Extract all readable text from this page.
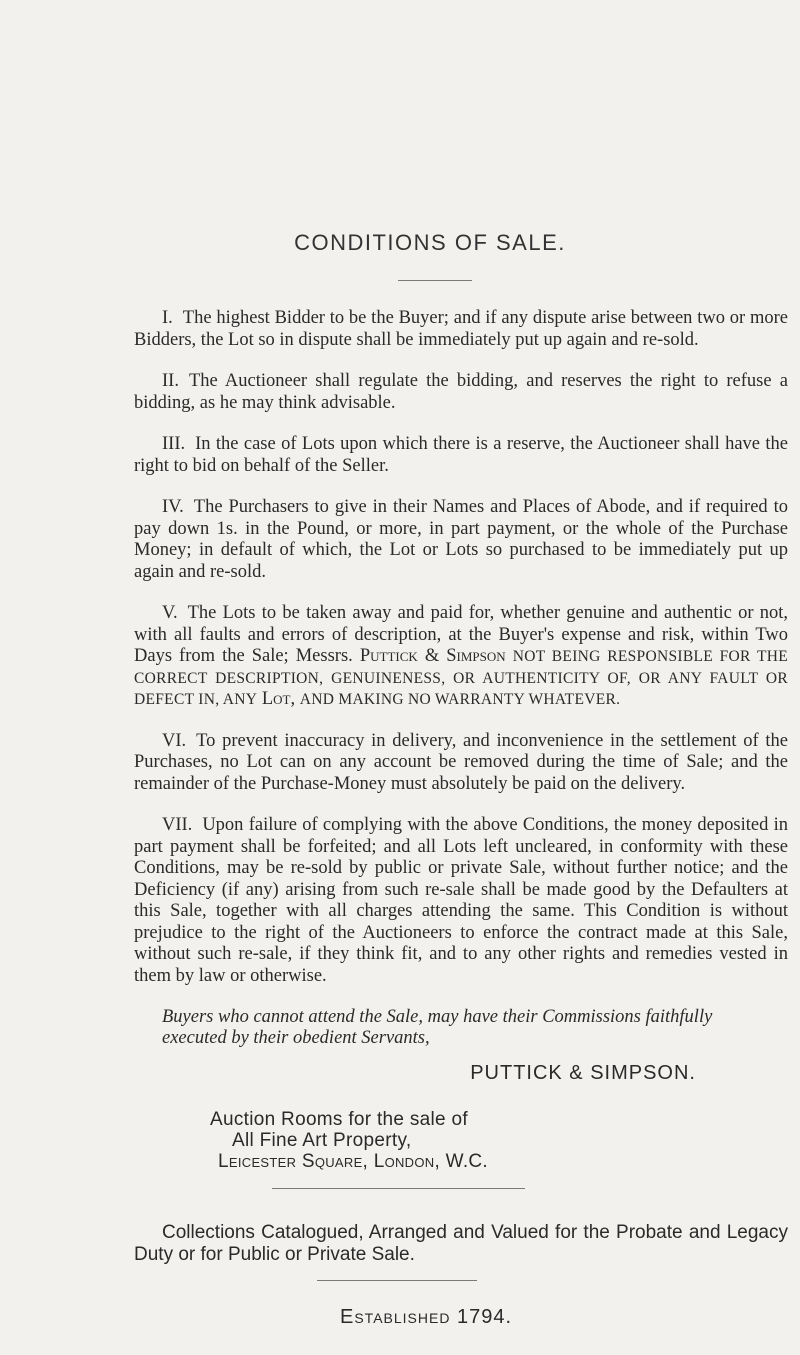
CONDITIONS OF SALE.

I. The highest Bidder to be the Buyer; and if any dispute arise between two or more Bidders, the Lot so in dispute shall be immediately put up again and re-sold.

II. The Auctioneer shall regulate the bidding, and reserves the right to refuse a bidding, as he may think advisable.

III. In the case of Lots upon which there is a reserve, the Auctioneer shall have the right to bid on behalf of the Seller.

IV. The Purchasers to give in their Names and Places of Abode, and if required to pay down 1s. in the Pound, or more, in part payment, or the whole of the Purchase Money; in default of which, the Lot or Lots so purchased to be immediately put up again and re-sold.

V. The Lots to be taken away and paid for, whether genuine and authentic or not, with all faults and errors of description, at the Buyer's expense and risk, within Two Days from the Sale; Messrs. Puttick & Simpson NOT BEING RESPONSIBLE FOR THE CORRECT DESCRIPTION, GENUINENESS, OR AUTHENTICITY OF, OR ANY FAULT OR DEFECT IN, ANY Lot, AND MAKING NO WARRANTY WHATEVER.

VI. To prevent inaccuracy in delivery, and inconvenience in the settlement of the Purchases, no Lot can on any account be removed during the time of Sale; and the remainder of the Purchase-Money must absolutely be paid on the delivery.

VII. Upon failure of complying with the above Conditions, the money deposited in part payment shall be forfeited; and all Lots left uncleared, in conformity with these Conditions, may be re-sold by public or private Sale, without further notice; and the Deficiency (if any) arising from such re-sale shall be made good by the Defaulters at this Sale, together with all charges attending the same. This Condition is without prejudice to the right of the Auctioneers to enforce the contract made at this Sale, without such re-sale, if they think fit, and to any other rights and remedies vested in them by law or otherwise.

Buyers who cannot attend the Sale, may have their Commissions faithfully
executed by their obedient Servants,

PUTTICK & SIMPSON.

Auction Rooms for the sale of
All Fine Art Property,
Leicester Square, London, W.C.

Collections Catalogued, Arranged and Valued for the Probate and Legacy Duty or for Public or Private Sale.

Established 1794.
